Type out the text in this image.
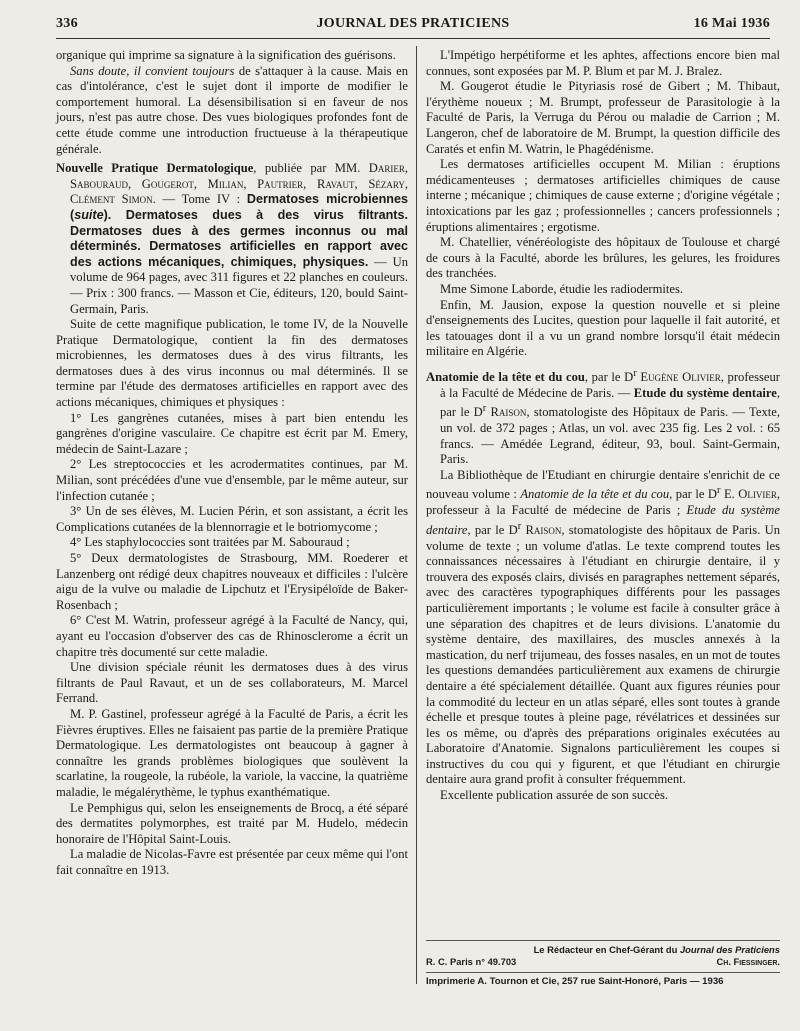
336	JOURNAL DES PRATICIENS	16 Mai 1936

organique qui imprime sa signature à la signification des guérisons.

Sans doute, il convient toujours de s'attaquer à la cause. Mais en cas d'intolérance, c'est le sujet dont il importe de modifier le comportement humoral. La désensibilisation si en faveur de nos jours, n'est pas autre chose. Des vues biologiques profondes font de cette étude comme une introduction fructueuse à la thérapeutique générale.

Nouvelle Pratique Dermatologique, publiée par MM. Darier, Sabouraud, Gougerot, Milian, Pautrier, Ravaut, Sézary, Clément Simon. — Tome IV : Dermatoses microbiennes (suite). Dermatoses dues à des virus filtrants. Dermatoses dues à des germes inconnus ou mal déterminés. Dermatoses artificielles en rapport avec des actions mécaniques, chimiques, physiques. — Un volume de 964 pages, avec 311 figures et 22 planches en couleurs. — Prix : 300 francs. — Masson et Cie, éditeurs, 120, bould Saint-Germain, Paris.

Suite de cette magnifique publication, le tome IV, de la Nouvelle Pratique Dermatologique, contient la fin des dermatoses microbiennes, les dermatoses dues à des virus filtrants, les dermatoses dues à des virus inconnus ou mal déterminés. Il se termine par l'étude des dermatoses artificielles en rapport avec des actions mécaniques, chimiques et physiques :

1° Les gangrènes cutanées, mises à part bien entendu les gangrènes d'origine vasculaire. Ce chapitre est écrit par M. Emery, médecin de Saint-Lazare ;

2° Les streptococcies et les acrodermatites continues, par M. Milian, sont précédées d'une vue d'ensemble, par le même auteur, sur l'infection cutanée ;

3° Un de ses élèves, M. Lucien Périn, et son assistant, a écrit les Complications cutanées de la blennorragie et le botriomycome ;

4° Les staphylococcies sont traitées par M. Sabouraud ;

5° Deux dermatologistes de Strasbourg, MM. Roederer et Lanzenberg ont rédigé deux chapitres nouveaux et difficiles : l'ulcère aigu de la vulve ou maladie de Lipchutz et l'Erysipéloïde de Baker-Rosenbach ;

6° C'est M. Watrin, professeur agrégé à la Faculté de Nancy, qui, ayant eu l'occasion d'observer des cas de Rhinosclerome a écrit un chapitre très documenté sur cette maladie.

Une division spéciale réunit les dermatoses dues à des virus filtrants de Paul Ravaut, et un de ses collaborateurs, M. Marcel Ferrand.

M. P. Gastinel, professeur agrégé à la Faculté de Paris, a écrit les Fièvres éruptives. Elles ne faisaient pas partie de la première Pratique Dermatologique. Les dermatologistes ont beaucoup à gagner à connaître les grands problèmes biologiques que soulèvent la scarlatine, la rougeole, la rubéole, la variole, la vaccine, la quatrième maladie, le mégalérythème, le typhus exanthématique.

Le Pemphigus qui, selon les enseignements de Brocq, a été séparé des dermatites polymorphes, est traité par M. Hudelo, médecin honoraire de l'Hôpital Saint-Louis.

La maladie de Nicolas-Favre est présentée par ceux même qui l'ont fait connaître en 1913.

L'Impétigo herpétiforme et les aphtes, affections encore bien mal connues, sont exposées par M. P. Blum et par M. J. Bralez.

M. Gougerot étudie le Pityriasis rosé de Gibert ; M. Thibaut, l'érythème noueux ; M. Brumpt, professeur de Parasitologie à la Faculté de Paris, la Verruga du Pérou ou maladie de Carrion ; M. Langeron, chef de laboratoire de M. Brumpt, la question difficile des Caratés et enfin M. Watrin, le Phagédénisme.

Les dermatoses artificielles occupent M. Milian : éruptions médicamenteuses ; dermatoses artificielles chimiques de cause interne ; mécanique ; chimiques de cause externe ; d'origine végétale ; intoxications par les gaz ; professionnelles ; cancers professionnels ; éruptions alimentaires ; ergotisme.

M. Chatellier, vénéréologiste des hôpitaux de Toulouse et chargé de cours à la Faculté, aborde les brûlures, les gelures, les froidures des tranchées.

Mme Simone Laborde, étudie les radiodermites.

Enfin, M. Jausion, expose la question nouvelle et si pleine d'enseignements des Lucites, question pour laquelle il fait autorité, et les tatouages dont il a vu un grand nombre lorsqu'il était médecin militaire en Algérie.

Anatomie de la tête et du cou, par le $D^r$ Eugène Olivier, professeur à la Faculté de Médecine de Paris. — Etude du système dentaire, par le $D^r$ Raison, stomatologiste des Hôpitaux de Paris. — Texte, un vol. de 372 pages ; Atlas, un vol. avec 235 fig. Les 2 vol. : 65 francs. — Amédée Legrand, éditeur, 93, boul. Saint-Germain, Paris.

La Bibliothèque de l'Etudiant en chirurgie dentaire s'enrichit de ce nouveau volume : Anatomie de la tête et du cou, par le $D^r$ E. Olivier, professeur à la Faculté de médecine de Paris ; Etude du système dentaire, par le $D^r$ Raison, stomatologiste des hôpitaux de Paris. Un volume de texte ; un volume d'atlas. Le texte comprend toutes les connaissances nécessaires à l'étudiant en chirurgie dentaire, il y trouvera des exposés clairs, divisés en paragraphes nettement séparés, avec des caractères typographiques différents pour les passages particulièrement importants ; le volume est facile à consulter grâce à une séparation des chapitres et de leurs divisions. L'anatomie du système dentaire, des maxillaires, des muscles annexés à la mastication, du nerf trijumeau, des fosses nasales, en un mot de toutes les questions demandées particulièrement aux examens de chirurgie dentaire a été spécialement détaillée. Quant aux figures réunies pour la commodité du lecteur en un atlas séparé, elles sont toutes à grande échelle et presque toutes à pleine page, révélatrices et dessinées sur les os même, ou d'après des préparations originales exécutées au Laboratoire d'Anatomie. Signalons particulièrement les coupes si instructives du cou qui y figurent, et que l'étudiant en chirurgie dentaire aura grand profit à consulter fréquemment.

Excellente publication assurée de son succès.

Le Rédacteur en Chef-Gérant du Journal des Praticiens
R. C. Paris n° 49.703	Ch. Fiessinger.
Imprimerie A. Tournon et Cie, 257 rue Saint-Honoré, Paris — 1936
